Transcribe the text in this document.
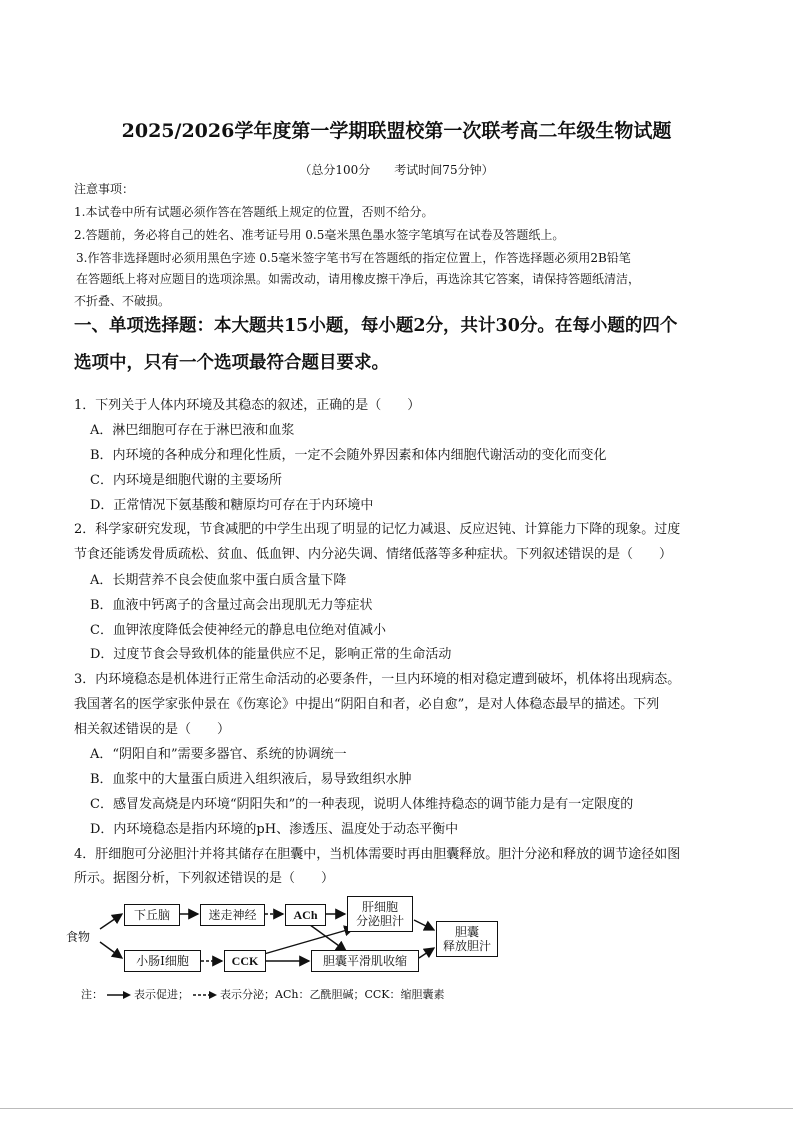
2025/2026学年度第一学期联盟校第一次联考高二年级生物试题
（总分100分　　考试时间75分钟）
注意事项：
1.本试卷中所有试题必须作答在答题纸上规定的位置，否则不给分。
2.答题前，务必将自己的姓名、准考证号用 0.5毫米黑色墨水签字笔填写在试卷及答题纸上。
3.作答非选择题时必须用黑色字迹 0.5毫米签字笔书写在答题纸的指定位置上，作答选择题必须用2B铅笔
在答题纸上将对应题目的选项涂黑。如需改动，请用橡皮擦干净后，再选涂其它答案，请保持答题纸清洁，
不折叠、不破损。
一、单项选择题：本大题共15小题，每小题2分，共计30分。在每小题的四个
选项中，只有一个选项最符合题目要求。
1．下列关于人体内环境及其稳态的叙述，正确的是（　　）
A．淋巴细胞可存在于淋巴液和血浆
B．内环境的各种成分和理化性质，一定不会随外界因素和体内细胞代谢活动的变化而变化
C．内环境是细胞代谢的主要场所
D．正常情况下氨基酸和糖原均可存在于内环境中
2．科学家研究发现，节食减肥的中学生出现了明显的记忆力减退、反应迟钝、计算能力下降的现象。过度
节食还能诱发骨质疏松、贫血、低血钾、内分泌失调、情绪低落等多种症状。下列叙述错误的是（　　）
A．长期营养不良会使血浆中蛋白质含量下降
B．血液中钙离子的含量过高会出现肌无力等症状
C．血钾浓度降低会使神经元的静息电位绝对值减小
D．过度节食会导致机体的能量供应不足，影响正常的生命活动
3．内环境稳态是机体进行正常生命活动的必要条件，一旦内环境的相对稳定遭到破坏，机体将出现病态。
我国著名的医学家张仲景在《伤寒论》中提出“阴阳自和者，必自愈”，是对人体稳态最早的描述。下列
相关叙述错误的是（　　）
A．“阴阳自和”需要多器官、系统的协调统一
B．血浆中的大量蛋白质进入组织液后，易导致组织水肿
C．感冒发高烧是内环境“阴阳失和”的一种表现，说明人体维持稳态的调节能力是有一定限度的
D．内环境稳态是指内环境的pH、渗透压、温度处于动态平衡中
4．肝细胞可分泌胆汁并将其储存在胆囊中，当机体需要时再由胆囊释放。胆汁分泌和释放的调节途径如图
所示。据图分析，下列叙述错误的是（　　）
食物
下丘脑	迷走神经	ACh
肝细胞
分泌胆汁
小肠Ⅰ细胞	CCK	胆囊平滑肌收缩
胆囊
释放胆汁
注：	表示促进；	表示分泌；ACh：乙酰胆碱；CCK：缩胆囊素
